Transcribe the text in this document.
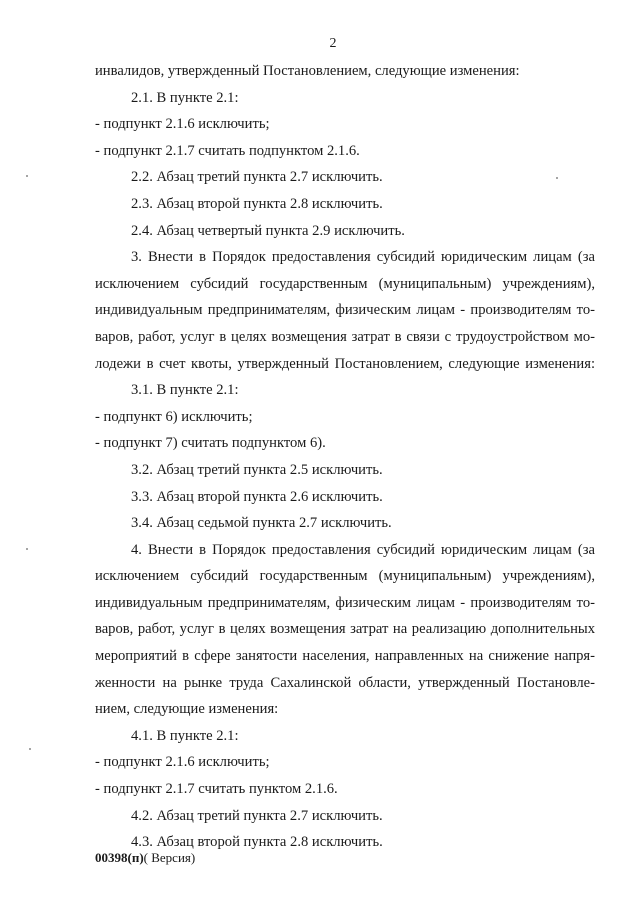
2
инвалидов, утвержденный Постановлением, следующие изменения:
2.1. В пункте 2.1:
- подпункт 2.1.6 исключить;
- подпункт 2.1.7 считать подпунктом 2.1.6.
2.2. Абзац третий пункта 2.7 исключить.
2.3. Абзац второй пункта 2.8 исключить.
2.4. Абзац четвертый пункта 2.9 исключить.
3. Внести в Порядок предоставления субсидий юридическим лицам (за
исключением субсидий государственным (муниципальным) учреждениям),
индивидуальным предпринимателям, физическим лицам - производителям то-
варов, работ, услуг в целях возмещения затрат в связи с трудоустройством мо-
лодежи в счет квоты, утвержденный Постановлением, следующие изменения:
3.1. В пункте 2.1:
- подпункт 6) исключить;
- подпункт 7) считать подпунктом 6).
3.2. Абзац третий пункта 2.5 исключить.
3.3. Абзац второй пункта 2.6 исключить.
3.4. Абзац седьмой пункта 2.7 исключить.
4. Внести в Порядок предоставления субсидий юридическим лицам (за
исключением субсидий государственным (муниципальным) учреждениям),
индивидуальным предпринимателям, физическим лицам - производителям то-
варов, работ, услуг в целях возмещения затрат на реализацию дополнительных
мероприятий в сфере занятости населения, направленных на снижение напря-
женности на рынке труда Сахалинской области, утвержденный Постановле-
нием, следующие изменения:
4.1. В пункте 2.1:
- подпункт 2.1.6 исключить;
- подпункт 2.1.7 считать пунктом 2.1.6.
4.2. Абзац третий пункта 2.7 исключить.
4.3. Абзац второй пункта 2.8 исключить.
00398(п)( Версия)
